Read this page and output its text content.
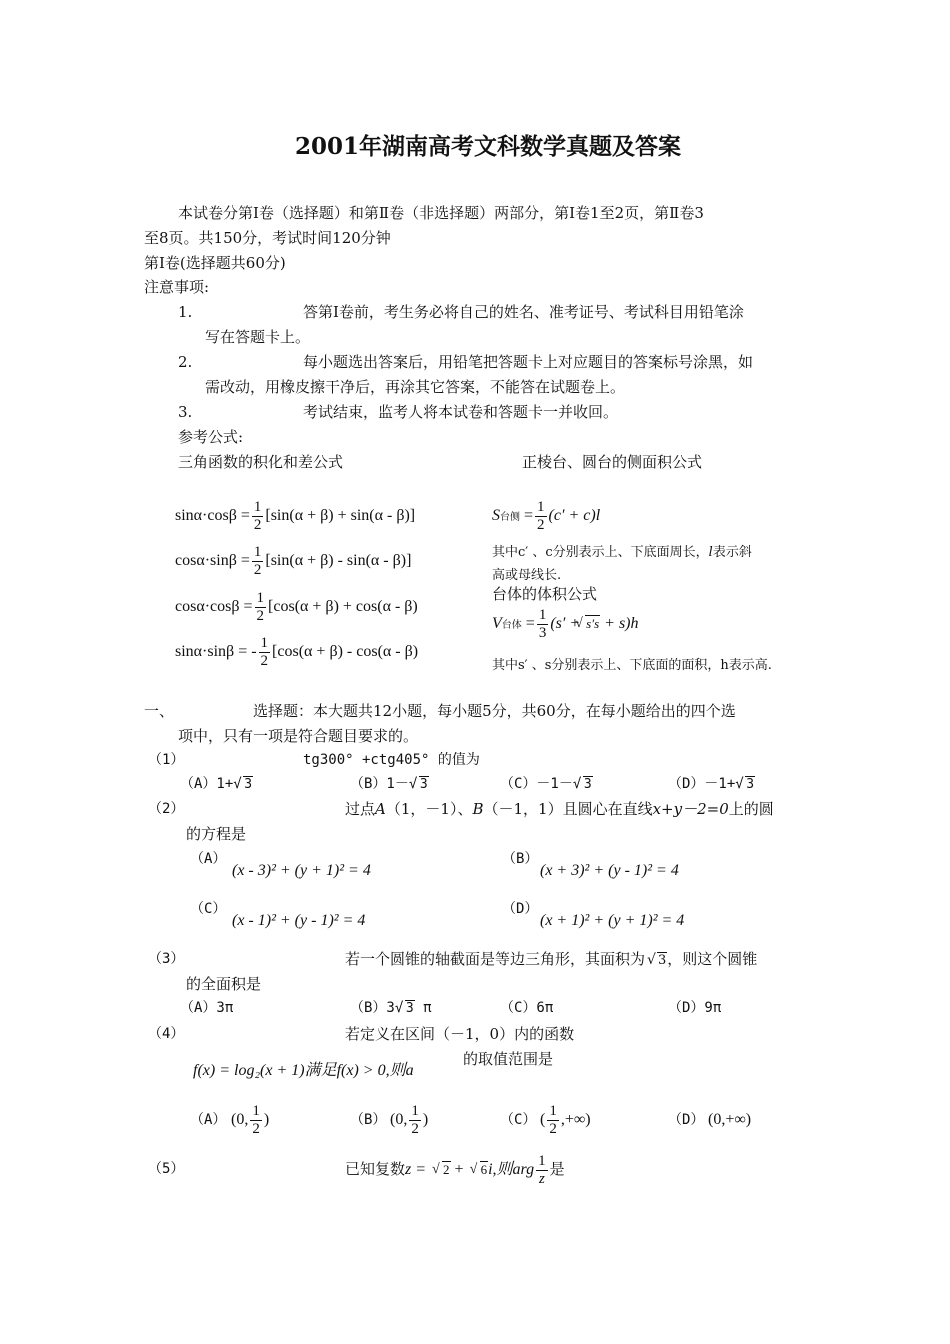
2001年湖南高考文科数学真题及答案
本试卷分第Ⅰ卷（选择题）和第Ⅱ卷（非选择题）两部分，第Ⅰ卷1至2页，第Ⅱ卷3
至8页。共150分，考试时间120分钟
第Ⅰ卷(选择题共60分)
注意事项:
1.	答第Ⅰ卷前，考生务必将自己的姓名、准考证号、考试科目用铅笔涂
写在答题卡上。
2.	每小题选出答案后，用铅笔把答题卡上对应题目的答案标号涂黑，如
需改动，用橡皮擦干净后，再涂其它答案，不能答在试题卷上。
3.	考试结束，监考人将本试卷和答题卡一并收回。
参考公式:
三角函数的积化和差公式	正棱台、圆台的侧面积公式
$\sin\alpha\cdot\cos\beta = \frac{1}{2} [\sin(\alpha + \beta) + \sin(\alpha - \beta)]$
$\cos\alpha\cdot\sin\beta = \frac{1}{2} [\sin(\alpha + \beta) - \sin(\alpha - \beta)]$
$\cos\alpha\cdot\cos\beta = \frac{1}{2} [\cos(\alpha + \beta) + \cos(\alpha - \beta)$
sinα·sinβ = - $\frac{1}{2} [\cos(\alpha + \beta) - \cos(\alpha - \beta)$
S台侧 = $\frac{1}{2} (c' + c)l$
其中c′ 、c分别表示上、下底面周长，l表示斜
高或母线长.
台体的体积公式
V台体 = $\frac{1}{3} (s'$ + √ s′s + s)h
其中s′ 、s分别表示上、下底面的面积，h表示高.
一、	选择题：本大题共12小题，每小题5分，共60分，在每小题给出的四个选
项中，只有一项是符合题目要求的。
（1）	tg300° +ctg405° 的值为
（A）1+ √ 3	（B）1－ √ 3	（C）－1－ √ 3	（D）－1+ √ 3
（2）	过点A（1，－1）、B（－1，1）且圆心在直线x+y－2=0上的圆
的方程是
（A）
(x - 3)² + (y + 1)² = 4
（B）
(x + 3)² + (y - 1)² = 4
（C）
(x - 1)² + (y - 1)² = 4
（D）
(x + 1)² + (y + 1)² = 4
（3）	若一个圆锥的轴截面是等边三角形，其面积为 √ 3，则这个圆锥
的全面积是
（A）3π	（B）3 √ 3 π	（C）6π	（D）9π
（4）	若定义在区间（－1，0）内的函数
f(x) = log₂(x + 1)满足f(x) > 0,则a
的取值范围是
（A） (0, $\frac{1}{2}$ )	（B） (0, $\frac{1}{2}$ )	（C） ( $\frac{1}{2}$ ,+∞)	（D） (0,+∞)
（5）	已知复数z = √ 2 + √ 6i,则arg $\frac{1}{z}$ 是
